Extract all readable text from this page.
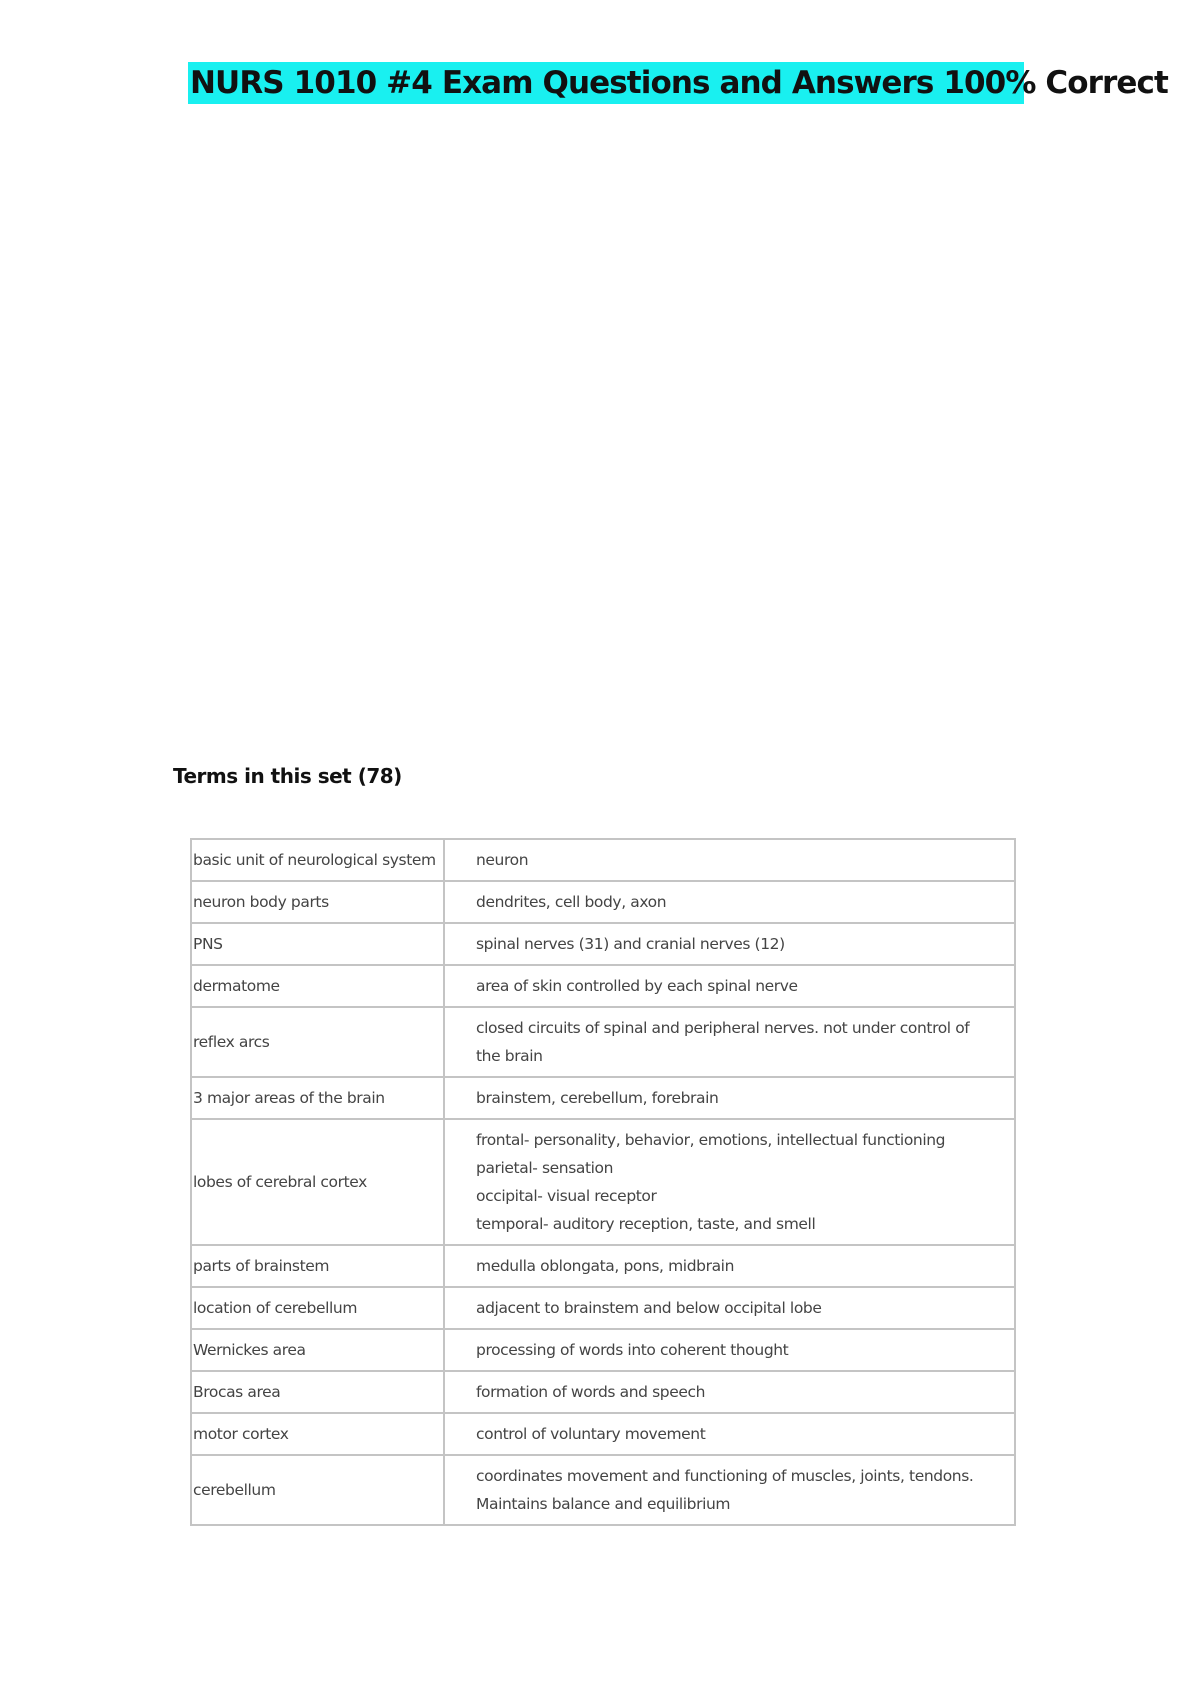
NURS 1010 #4 Exam Questions and Answers 100% Correct
Terms in this set (78)
basic unit of neurological system	neuron

neuron body parts	dendrites, cell body, axon

PNS	spinal nerves (31) and cranial nerves (12)

dermatome	area of skin controlled by each spinal nerve

reflex arcs	closed circuits of spinal and peripheral nerves. not under control of the brain

3 major areas of the brain	brainstem, cerebellum, forebrain

lobes of cerebral cortex	frontal- personality, behavior, emotions, intellectual functioning
parietal- sensation
occipital- visual receptor
temporal- auditory reception, taste, and smell

parts of brainstem	medulla oblongata, pons, midbrain

location of cerebellum	adjacent to brainstem and below occipital lobe

Wernickes area	processing of words into coherent thought

Brocas area	formation of words and speech

motor cortex	control of voluntary movement

cerebellum	coordinates movement and functioning of muscles, joints, tendons. Maintains balance and equilibrium
